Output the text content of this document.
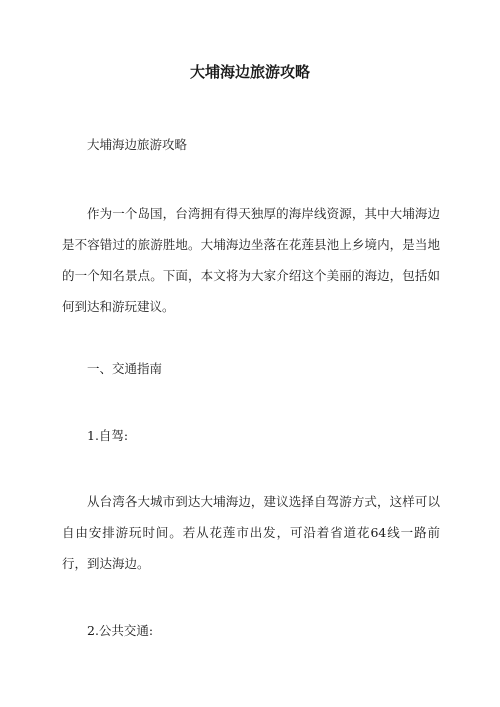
大埔海边旅游攻略

大埔海边旅游攻略

作为一个岛国，台湾拥有得天独厚的海岸线资源，其中大埔海边是不容错过的旅游胜地。大埔海边坐落在花莲县池上乡境内，是当地的一个知名景点。下面，本文将为大家介绍这个美丽的海边，包括如何到达和游玩建议。

一、交通指南

1.自驾:

从台湾各大城市到达大埔海边，建议选择自驾游方式，这样可以自由安排游玩时间。若从花莲市出发，可沿着省道花64线一路前行，到达海边。

2.公共交通:
